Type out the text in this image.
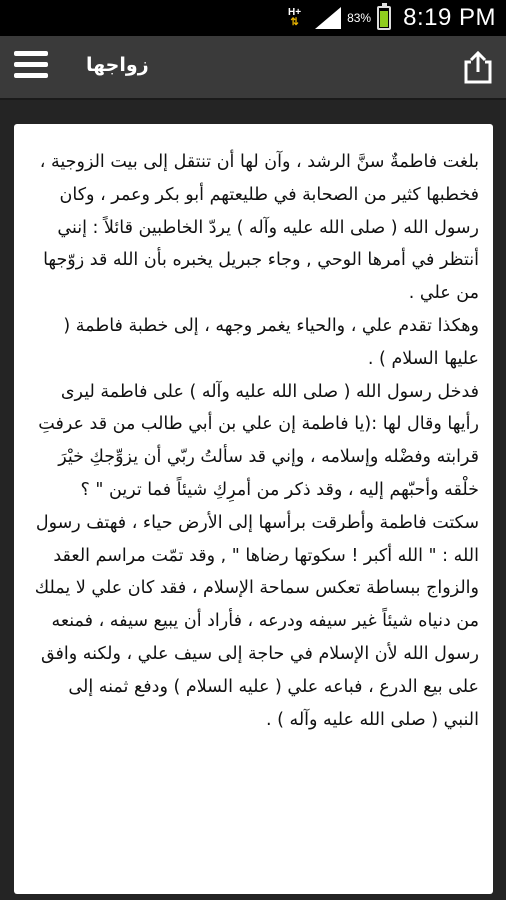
H+
⇅	83% 8:19 PM
زواجها

بلغت فاطمةٌ سنَّ الرشد ، وآن لها أن تنتقل إلى بيت الزوجية ، فخطبها كثير من الصحابة في طليعتهم أبو بكر وعمر ، وكان رسول الله ( صلى الله عليه وآله ) يردّ الخاطبين قائلاً : إنني أنتظر في أمرها الوحي , وجاء جبريل يخبره بأن الله قد زوّجها من علي .

وهكذا تقدم علي ، والحياء يغمر وجهه ، إلى خطبة فاطمة ( عليها السلام ) .

فدخل رسول الله ( صلى الله عليه وآله ) على فاطمة ليرى رأيها وقال لها :(يا فاطمة إن علي بن أبي طالب من قد عرفتِ قرابته وفضْله وإسلامه ، وإني قد سألتُ ربّي أن يزوِّجكِ خيْرَ خلْقه وأحبّهم إليه ، وقد ذكر من أمرِكِ شيئاً فما ترين " ؟

سكتت فاطمة وأطرقت برأسها إلى الأرض حياء ، فهتف رسول الله : " الله أكبر ! سكوتها رضاها " , وقد تمّت مراسم العقد والزواج ببساطة تعكس سماحة الإسلام ، فقد كان علي لا يملك من دنياه شيئاً غير سيفه ودرعه ، فأراد أن يبيع سيفه ، فمنعه رسول الله لأن الإسلام في حاجة إلى سيف علي ، ولكنه وافق على بيع الدرع ، فباعه علي ( عليه السلام ) ودفع ثمنه إلى النبي ( صلى الله عليه وآله ) .
